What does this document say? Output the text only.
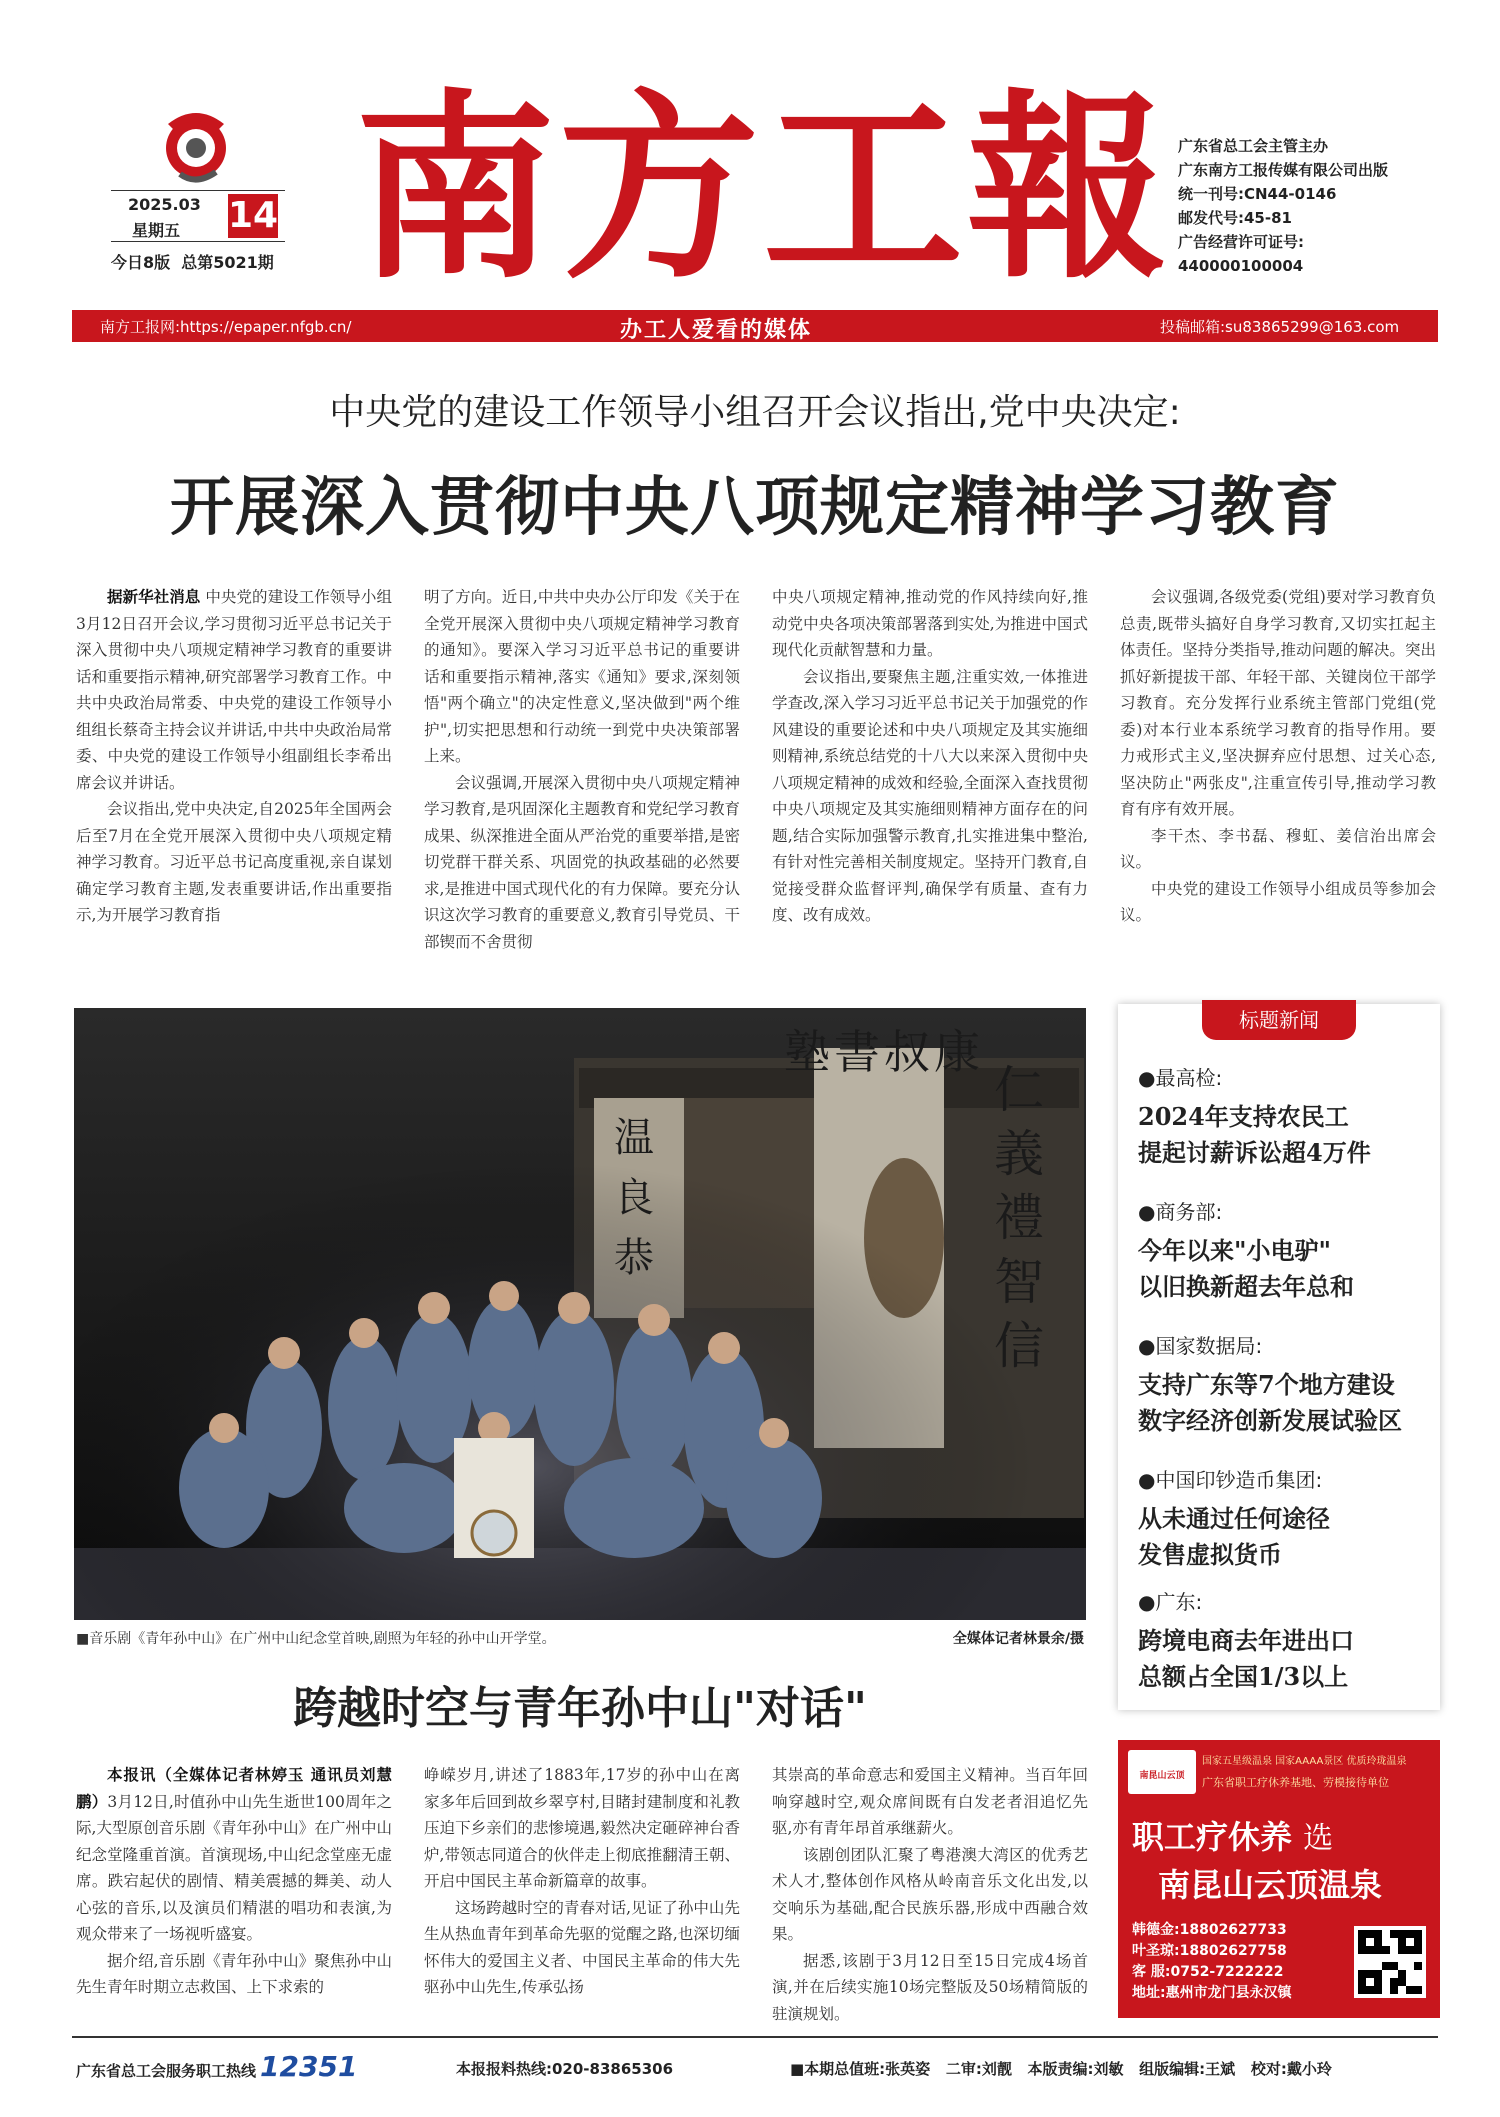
2025.03
星期五 14
今日8版  总第5021期 南方工報 广东省总工会主管主办
广东南方工报传媒有限公司出版
统一刊号:CN44-0146
邮发代号:45-81
广告经营许可证号:
440000100004
南方工报网:https://epaper.nfgb.cn/	办工人爱看的媒体	投稿邮箱:su83865299@163.com
中央党的建设工作领导小组召开会议指出,党中央决定:
开展深入贯彻中央八项规定精神学习教育

据新华社消息 中央党的建设工作领导小组3月12日召开会议,学习贯彻习近平总书记关于深入贯彻中央八项规定精神学习教育的重要讲话和重要指示精神,研究部署学习教育工作。中共中央政治局常委、中央党的建设工作领导小组组长蔡奇主持会议并讲话,中共中央政治局常委、中央党的建设工作领导小组副组长李希出席会议并讲话。

会议指出,党中央决定,自2025年全国两会后至7月在全党开展深入贯彻中央八项规定精神学习教育。习近平总书记高度重视,亲自谋划确定学习教育主题,发表重要讲话,作出重要指示,为开展学习教育指

明了方向。近日,中共中央办公厅印发《关于在全党开展深入贯彻中央八项规定精神学习教育的通知》。要深入学习习近平总书记的重要讲话和重要指示精神,落实《通知》要求,深刻领悟"两个确立"的决定性意义,坚决做到"两个维护",切实把思想和行动统一到党中央决策部署上来。

会议强调,开展深入贯彻中央八项规定精神学习教育,是巩固深化主题教育和党纪学习教育成果、纵深推进全面从严治党的重要举措,是密切党群干群关系、巩固党的执政基础的必然要求,是推进中国式现代化的有力保障。要充分认识这次学习教育的重要意义,教育引导党员、干部锲而不舍贯彻

中央八项规定精神,推动党的作风持续向好,推动党中央各项决策部署落到实处,为推进中国式现代化贡献智慧和力量。

会议指出,要聚焦主题,注重实效,一体推进学查改,深入学习习近平总书记关于加强党的作风建设的重要论述和中央八项规定及其实施细则精神,系统总结党的十八大以来深入贯彻中央八项规定精神的成效和经验,全面深入查找贯彻中央八项规定及其实施细则精神方面存在的问题,结合实际加强警示教育,扎实推进集中整治,有针对性完善相关制度规定。坚持开门教育,自觉接受群众监督评判,确保学有质量、查有力度、改有成效。

会议强调,各级党委(党组)要对学习教育负总责,既带头搞好自身学习教育,又切实扛起主体责任。坚持分类指导,推动问题的解决。突出抓好新提拔干部、年轻干部、关键岗位干部学习教育。充分发挥行业系统主管部门党组(党委)对本行业本系统学习教育的指导作用。要力戒形式主义,坚决摒弃应付思想、过关心态,坚决防止"两张皮",注重宣传引导,推动学习教育有序有效开展。

李干杰、李书磊、穆虹、姜信治出席会议。

中央党的建设工作领导小组成员等参加会议。

塾書叔康
仁義禮智信
温良恭
■音乐剧《青年孙中山》在广州中山纪念堂首映,剧照为年轻的孙中山开学堂。	全媒体记者林景余/摄
跨越时空与青年孙中山"对话"

本报讯（全媒体记者林婷玉 通讯员刘慧鹏）3月12日,时值孙中山先生逝世100周年之际,大型原创音乐剧《青年孙中山》在广州中山纪念堂隆重首演。首演现场,中山纪念堂座无虚席。跌宕起伏的剧情、精美震撼的舞美、动人心弦的音乐,以及演员们精湛的唱功和表演,为观众带来了一场视听盛宴。

据介绍,音乐剧《青年孙中山》聚焦孙中山先生青年时期立志救国、上下求索的

峥嵘岁月,讲述了1883年,17岁的孙中山在离家多年后回到故乡翠亨村,目睹封建制度和礼教压迫下乡亲们的悲惨境遇,毅然决定砸碎神台香炉,带领志同道合的伙伴走上彻底推翻清王朝、开启中国民主革命新篇章的故事。

这场跨越时空的青春对话,见证了孙中山先生从热血青年到革命先驱的觉醒之路,也深切缅怀伟大的爱国主义者、中国民主革命的伟大先驱孙中山先生,传承弘扬

其崇高的革命意志和爱国主义精神。当百年回响穿越时空,观众席间既有白发老者泪追忆先驱,亦有青年昂首承继薪火。

该剧创团队汇聚了粤港澳大湾区的优秀艺术人才,整体创作风格从岭南音乐文化出发,以交响乐为基础,配合民族乐器,形成中西融合效果。

据悉,该剧于3月12日至15日完成4场首演,并在后续实施10场完整版及50场精简版的驻演规划。

标题新闻
●最高检:
2024年支持农民工
提起讨薪诉讼超4万件
●商务部:
今年以来"小电驴"
以旧换新超去年总和
●国家数据局:
支持广东等7个地方建设
数字经济创新发展试验区
●中国印钞造币集团:
从未通过任何途径
发售虚拟货币
●广东:
跨境电商去年进出口
总额占全国1/3以上
南昆山云顶
国家五星级温泉 国家AAAA景区 优质玲珑温泉
广东省职工疗休养基地、劳模接待单位
职工疗休养 选
南昆山云顶温泉
韩德金:18802627733
叶圣琼:18802627758
客 服:0752-7222222
地址:惠州市龙门县永汉镇
广东省总工会服务职工热线 12351	本报报料热线:020-83865306	■本期总值班:张英姿   二审:刘靓   本版责编:刘敏   组版编辑:王斌   校对:戴小玲
